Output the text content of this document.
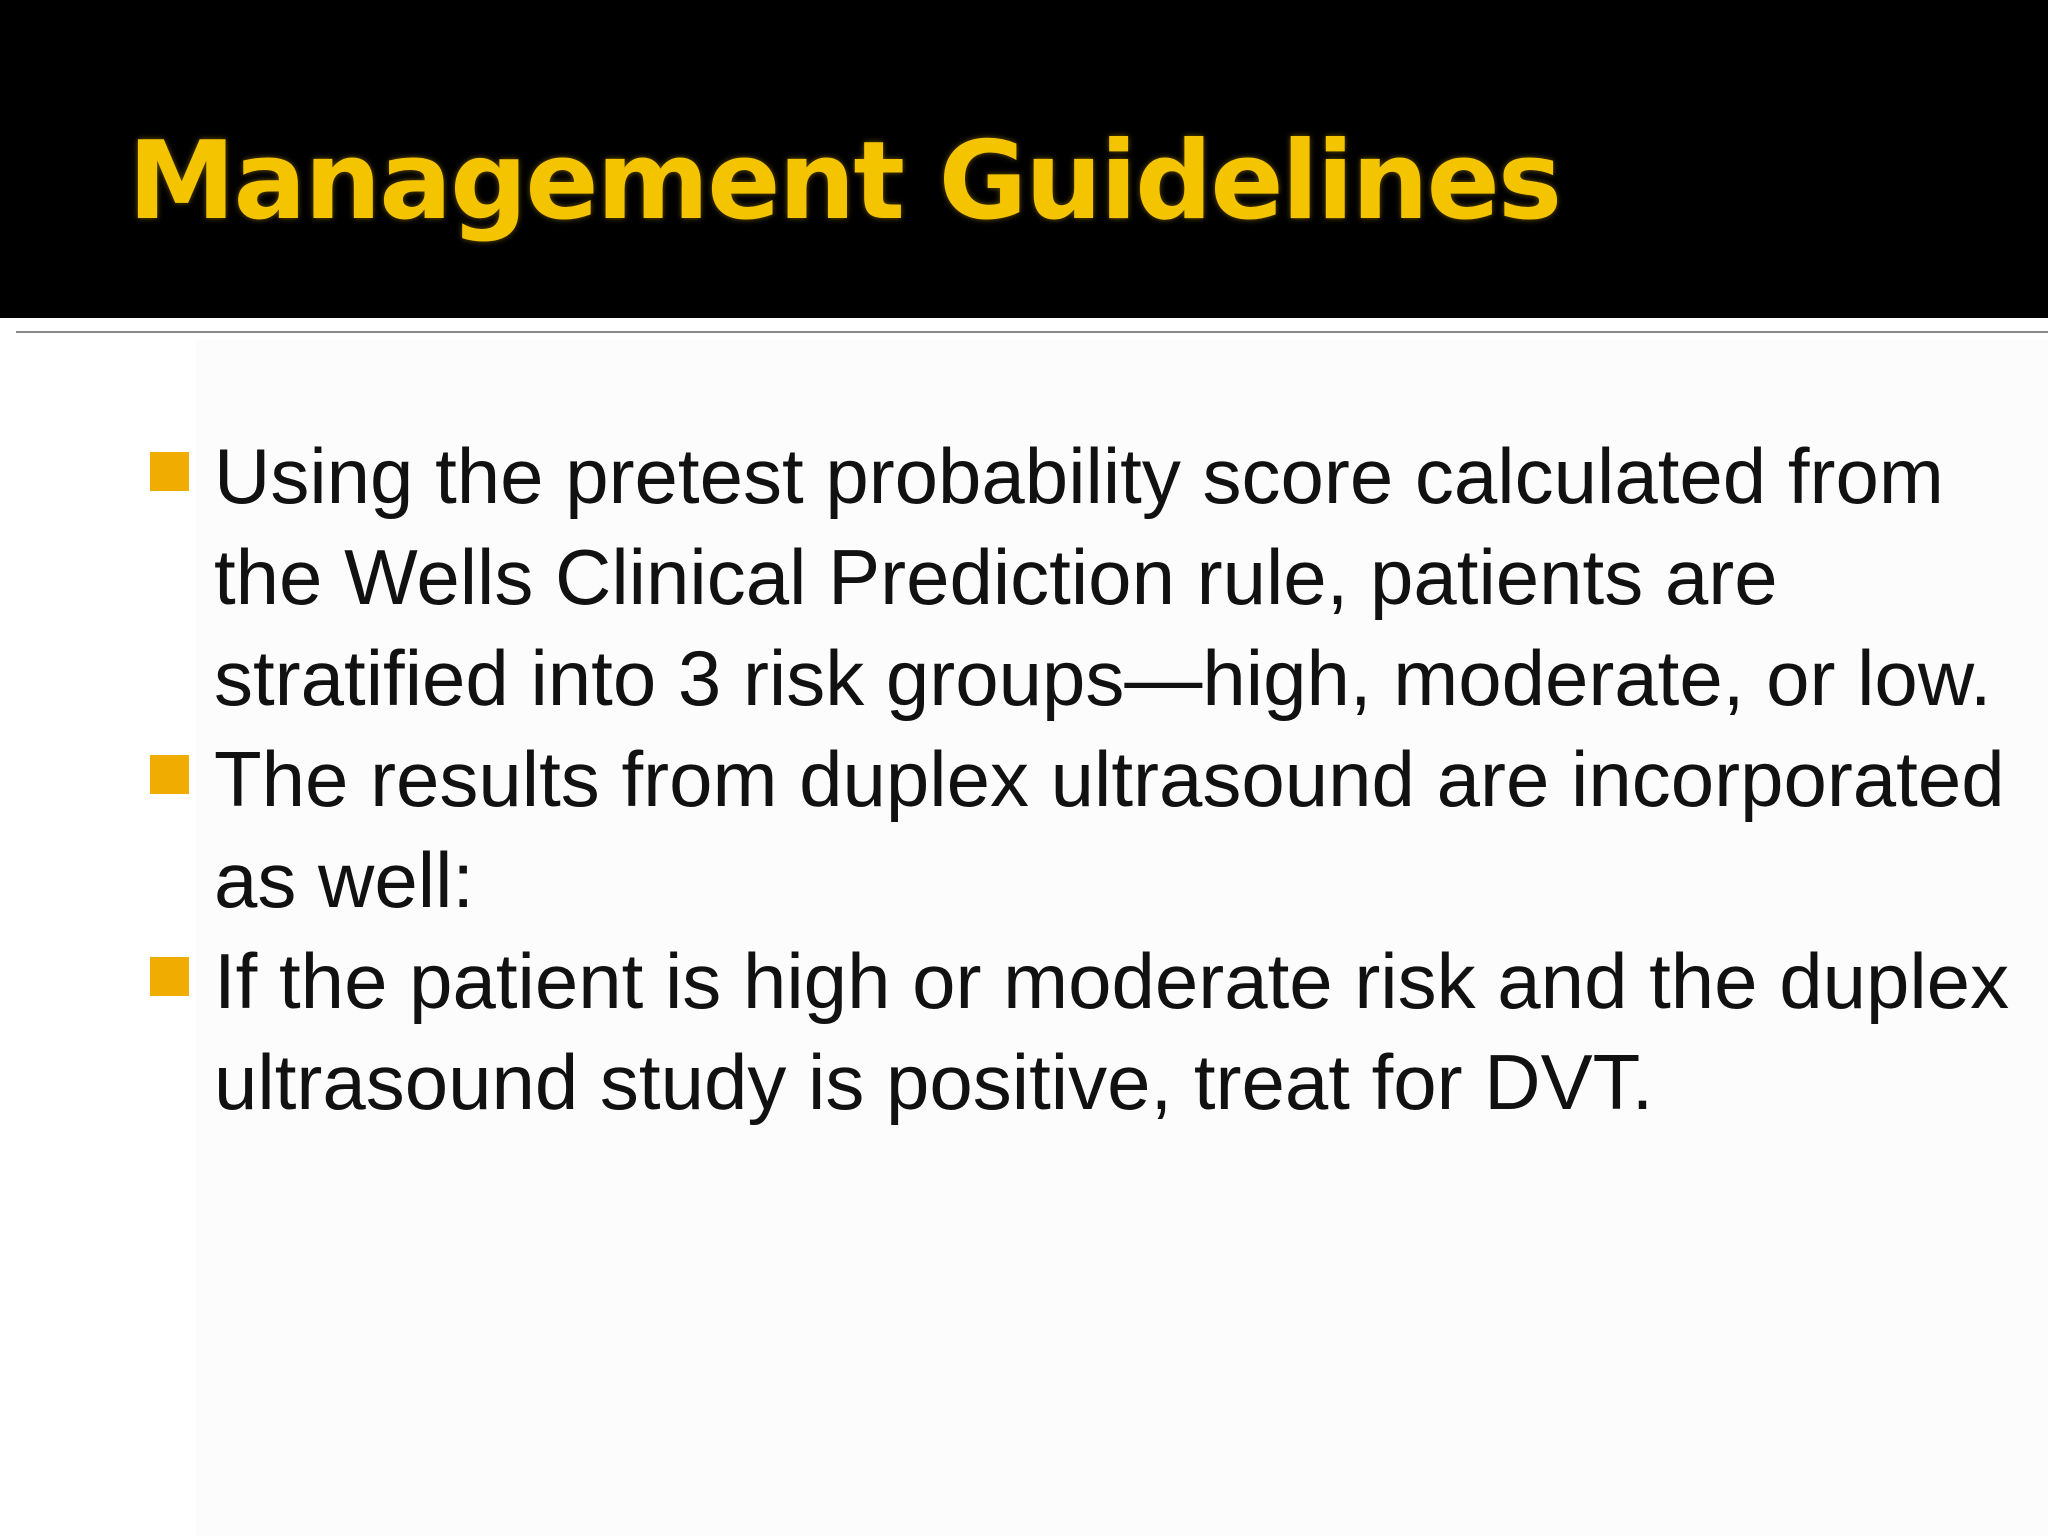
Management Guidelines
Using the pretest probability score calculated from the Wells Clinical Prediction rule, patients are stratified into 3 risk groups—high, moderate, or low.
The results from duplex ultrasound are incorporated as well:
If the patient is high or moderate risk and the duplex ultrasound study is positive, treat for DVT.
